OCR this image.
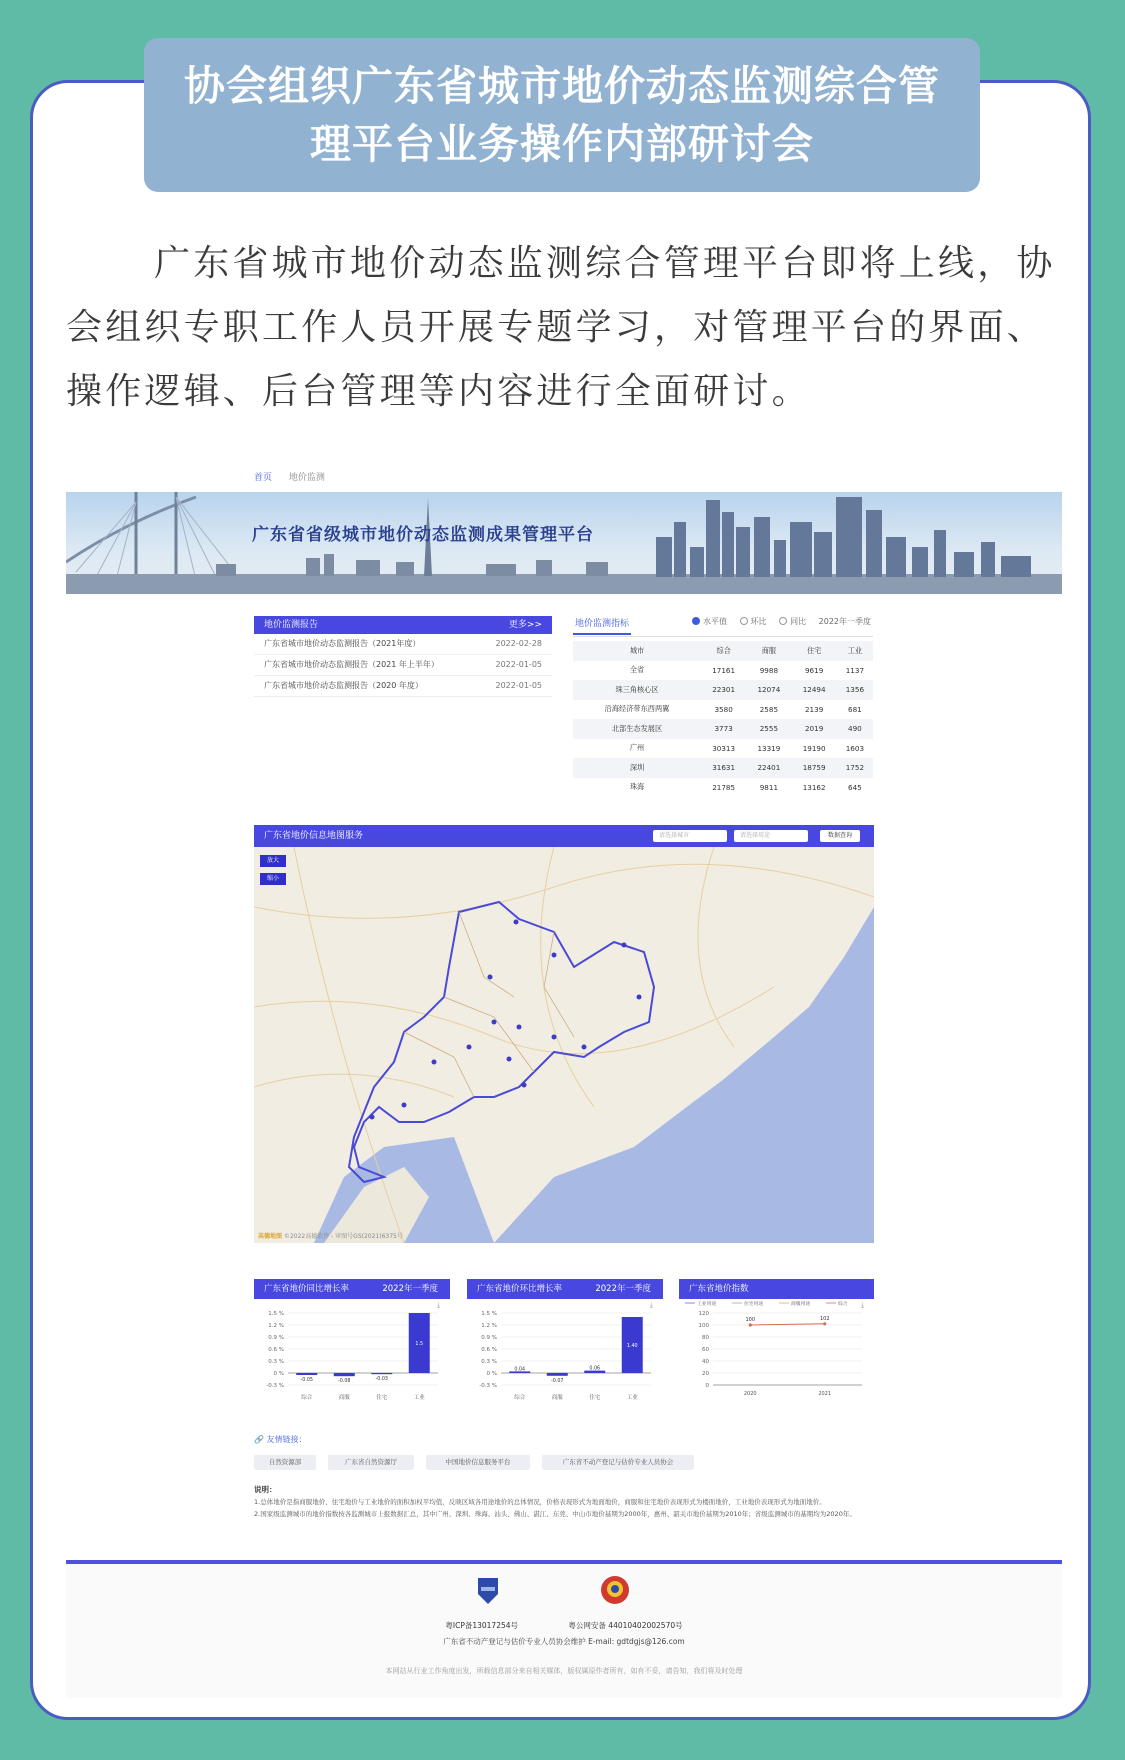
协会组织广东省城市地价动态监测综合管
理平台业务操作内部研讨会
广东省城市地价动态监测综合管理平台即将上线，协会组织专职工作人员开展专题学习，对管理平台的界面、操作逻辑、后台管理等内容进行全面研讨。
首页 地价监测
广东省省级城市地价动态监测成果管理平台
地价监测报告	更多>>
广东省城市地价动态监测报告（2021年度）	2022-02-28
广东省城市地价动态监测报告（2021 年上半年）	2022-01-05
广东省城市地价动态监测报告（2020 年度）	2022-01-05
地价监测指标	水平值	环比	同比 2022年一季度
城市	综合	商服	住宅	工业
全省	17161	9988	9619	1137
珠三角核心区	22301	12074	12494	1356
沿海经济带东西两翼	3580	2585	2139	681
北部生态发展区	3773	2555	2019	490
广州	30313	13319	19190	1603
深圳	31631	22401	18759	1752
珠海	21785	9811	13162	645
广东省地价信息地图服务	请选择城市	请选择用途	数据查询
放大
缩小
高德地图 ©2022高德软件 - 审图号GS(2021)6375号
广东省地价同比增长率	2022年一季度
⤓
1.5 %
1.2 %
0.9 %
0.6 %
0.3 %
0 %
-0.3 %
-0.05
综合
-0.08
商服
-0.03
住宅
1.5
工业
广东省地价环比增长率	2022年一季度
⤓
1.5 %
1.2 %
0.9 %
0.6 %
0.3 %
0 %
-0.3 %
0.04
综合
-0.07
商服
0.06
住宅
1.40
工业
广东省地价指数
⤓
120
100
80
60
40
20
0
工业用途	住宅用途	商服用途	综合
2020	2021
100	102
🔗 友情链接：
自然资源部	广东省自然资源厅	中国地价信息服务平台	广东省不动产登记与估价专业人员协会
说明：
1.总体地价是指商服地价、住宅地价与工业地价的面积加权平均值，反映区域各用途地价的总体情况，价格表现形式为地面地价，商服和住宅地价表现形式为楼面地价，工业地价表现形式为地面地价。
2.国家级监测城市的地价指数按各监测城市上报数据汇总，其中广州、深圳、珠海、汕头、佛山、湛江、东莞、中山市地价基期为2000年，惠州、韶关市地价基期为2010年；省级监测城市的基期均为2020年。
粤ICP备13017254号	粤公网安备 44010402002570号
广东省不动产登记与估价专业人员协会维护 E-mail: gdtdgjs@126.com
本网站从行业工作角度出发，所载信息部分来自相关媒体，版权属原作者所有，如有不妥，请告知，我们将及时处理
